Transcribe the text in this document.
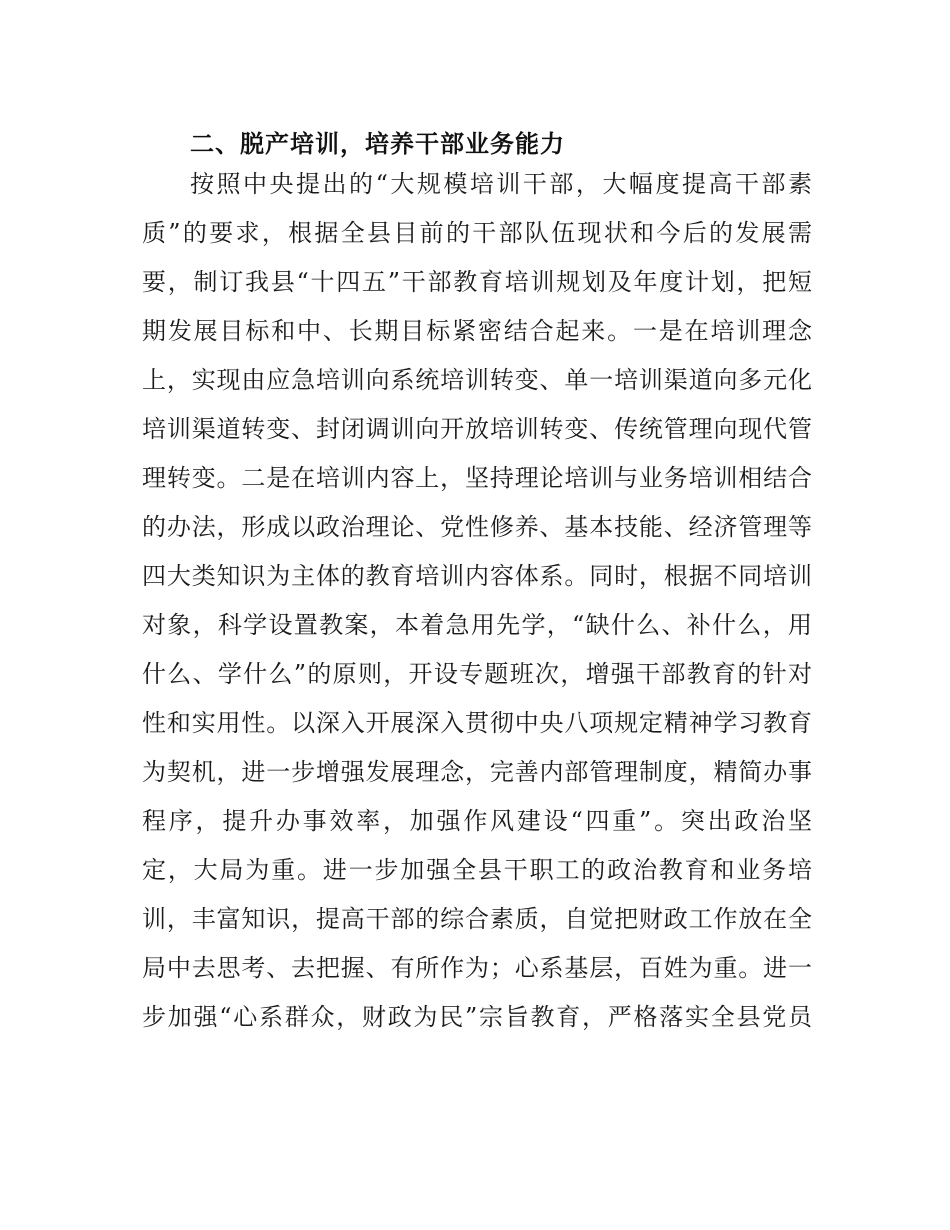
二、脱产培训，培养干部业务能力
按照中央提出的“大规模培训干部，大幅度提高干部素
质”的要求，根据全县目前的干部队伍现状和今后的发展需
要，制订我县“十四五”干部教育培训规划及年度计划，把短
期发展目标和中、长期目标紧密结合起来。一是在培训理念
上，实现由应急培训向系统培训转变、单一培训渠道向多元化
培训渠道转变、封闭调训向开放培训转变、传统管理向现代管
理转变。二是在培训内容上，坚持理论培训与业务培训相结合
的办法，形成以政治理论、党性修养、基本技能、经济管理等
四大类知识为主体的教育培训内容体系。同时，根据不同培训
对象，科学设置教案，本着急用先学，“缺什么、补什么，用
什么、学什么”的原则，开设专题班次，增强干部教育的针对
性和实用性。以深入开展深入贯彻中央八项规定精神学习教育
为契机，进一步增强发展理念，完善内部管理制度，精简办事
程序，提升办事效率，加强作风建设“四重”。突出政治坚
定，大局为重。进一步加强全县干职工的政治教育和业务培
训，丰富知识，提高干部的综合素质，自觉把财政工作放在全
局中去思考、去把握、有所作为；心系基层，百姓为重。进一
步加强“心系群众，财政为民”宗旨教育，严格落实全县党员
